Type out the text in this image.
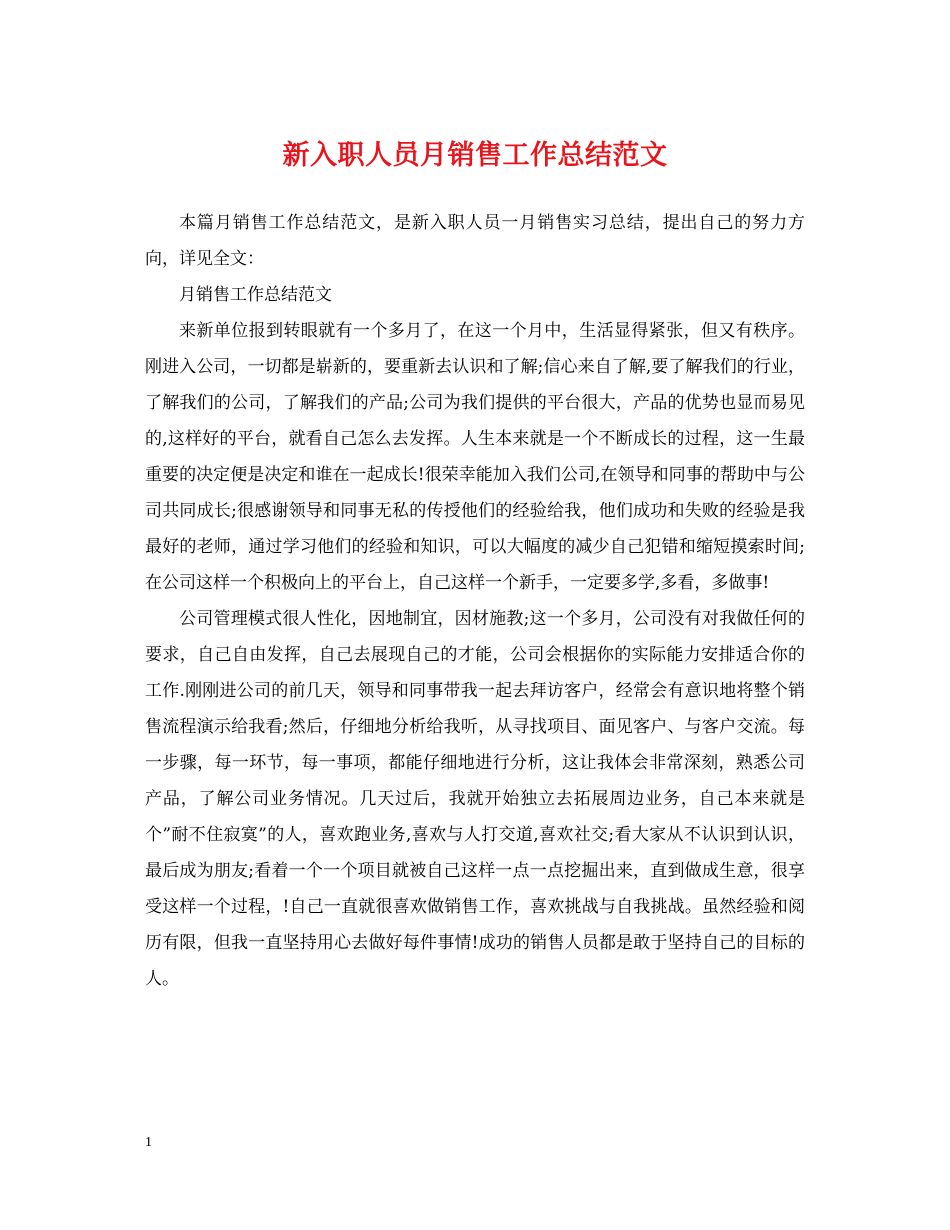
新入职人员月销售工作总结范文

本篇月销售工作总结范文，是新入职人员一月销售实习总结，提出自己的努力方向，详见全文：

月销售工作总结范文

来新单位报到转眼就有一个多月了，在这一个月中，生活显得紧张，但又有秩序。刚进入公司，一切都是崭新的，要重新去认识和了解;信心来自了解,要了解我们的行业，了解我们的公司，了解我们的产品;公司为我们提供的平台很大，产品的优势也显而易见的,这样好的平台，就看自己怎么去发挥。人生本来就是一个不断成长的过程，这一生最重要的决定便是决定和谁在一起成长!很荣幸能加入我们公司,在领导和同事的帮助中与公司共同成长;很感谢领导和同事无私的传授他们的经验给我，他们成功和失败的经验是我最好的老师，通过学习他们的经验和知识，可以大幅度的减少自己犯错和缩短摸索时间;在公司这样一个积极向上的平台上，自己这样一个新手，一定要多学,多看，多做事!

公司管理模式很人性化，因地制宜，因材施教;这一个多月，公司没有对我做任何的要求，自己自由发挥，自己去展现自己的才能，公司会根据你的实际能力安排适合你的工作.刚刚进公司的前几天，领导和同事带我一起去拜访客户，经常会有意识地将整个销售流程演示给我看;然后，仔细地分析给我听，从寻找项目、面见客户、与客户交流。每一步骤，每一环节，每一事项，都能仔细地进行分析，这让我体会非常深刻，熟悉公司产品，了解公司业务情况。几天过后，我就开始独立去拓展周边业务，自己本来就是个”耐不住寂寞”的人，喜欢跑业务,喜欢与人打交道,喜欢社交;看大家从不认识到认识，最后成为朋友;看着一个一个项目就被自己这样一点一点挖掘出来，直到做成生意，很享受这样一个过程，!自己一直就很喜欢做销售工作，喜欢挑战与自我挑战。虽然经验和阅历有限，但我一直坚持用心去做好每件事情!成功的销售人员都是敢于坚持自己的目标的人。

1
